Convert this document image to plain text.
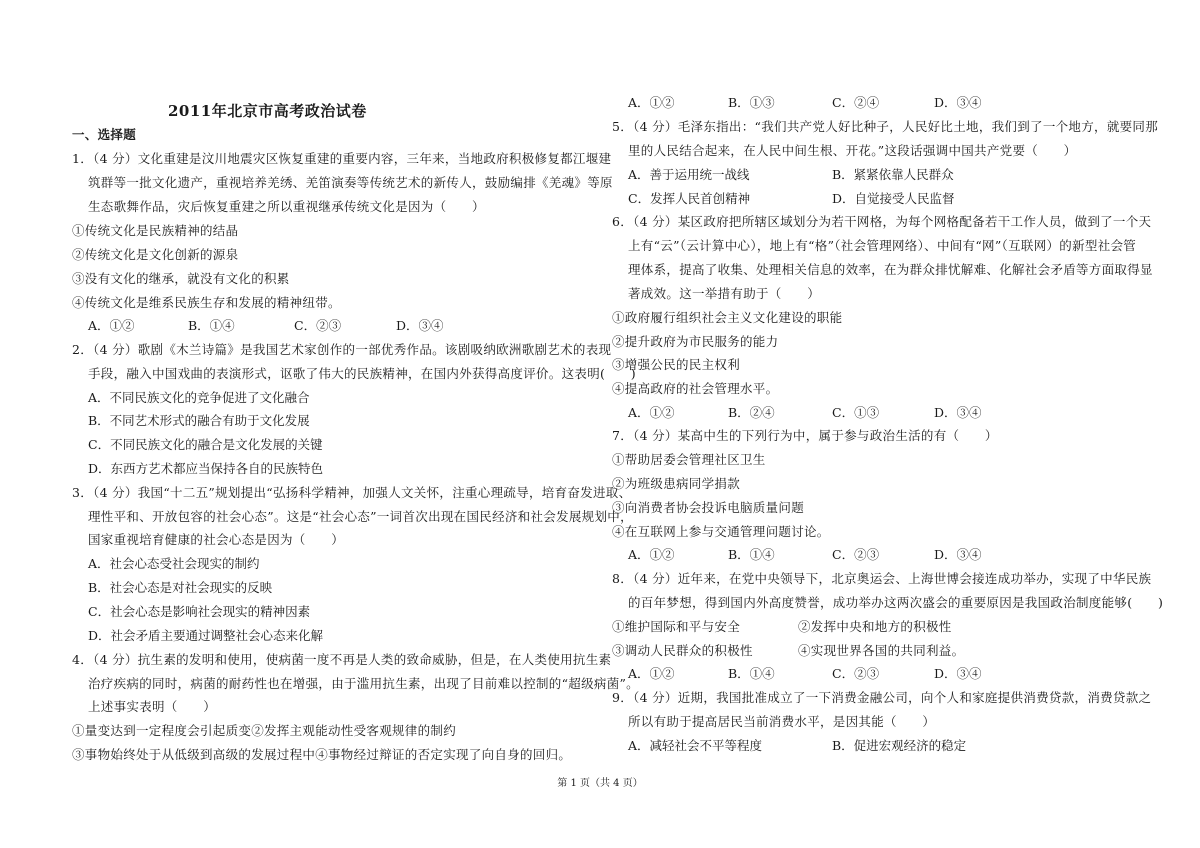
2011年北京市高考政治试卷
一、选择题
1．（4 分）文化重建是汶川地震灾区恢复重建的重要内容，三年来，当地政府积极修复都江堰建
筑群等一批文化遗产，重视培养羌绣、羌笛演奏等传统艺术的新传人，鼓励编排《羌魂》等原
生态歌舞作品，灾后恢复重建之所以重视继承传统文化是因为（　　）
①传统文化是民族精神的结晶
②传统文化是文化创新的源泉
③没有文化的继承，就没有文化的积累
④传统文化是维系民族生存和发展的精神纽带。
A．①②	B．①④	C．②③	D．③④
2．（4 分）歌剧《木兰诗篇》是我国艺术家创作的一部优秀作品。该剧吸纳欧洲歌剧艺术的表现
手段，融入中国戏曲的表演形式，讴歌了伟大的民族精神，在国内外获得高度评价。这表明(　　)
A．不同民族文化的竞争促进了文化融合
B．不同艺术形式的融合有助于文化发展
C．不同民族文化的融合是文化发展的关键
D．东西方艺术都应当保持各自的民族特色
3．（4 分）我国“十二五”规划提出“弘扬科学精神，加强人文关怀，注重心理疏导，培育奋发进取、
理性平和、开放包容的社会心态”。这是“社会心态”一词首次出现在国民经济和社会发展规划中，
国家重视培育健康的社会心态是因为（　　）
A．社会心态受社会现实的制约
B．社会心态是对社会现实的反映
C．社会心态是影响社会现实的精神因素
D．社会矛盾主要通过调整社会心态来化解
4．（4 分）抗生素的发明和使用，使病菌一度不再是人类的致命威胁，但是，在人类使用抗生素
治疗疾病的同时，病菌的耐药性也在增强，由于滥用抗生素，出现了目前难以控制的“超级病菌”。
上述事实表明（　　）
①量变达到一定程度会引起质变②发挥主观能动性受客观规律的制约
③事物始终处于从低级到高级的发展过程中④事物经过辩证的否定实现了向自身的回归。
A．①②	B．①③	C．②④	D．③④
5．（4 分）毛泽东指出：“我们共产党人好比种子，人民好比土地，我们到了一个地方，就要同那
里的人民结合起来，在人民中间生根、开花。”这段话强调中国共产党要（　　）
A．善于运用统一战线	B．紧紧依靠人民群众
C．发挥人民首创精神	D．自觉接受人民监督
6．（4 分）某区政府把所辖区域划分为若干网格，为每个网格配备若干工作人员，做到了一个天
上有“云”（云计算中心），地上有“格”（社会管理网络）、中间有“网”（互联网）的新型社会管
理体系，提高了收集、处理相关信息的效率，在为群众排忧解难、化解社会矛盾等方面取得显
著成效。这一举措有助于（　　）
①政府履行组织社会主义文化建设的职能
②提升政府为市民服务的能力
③增强公民的民主权利
④提高政府的社会管理水平。
A．①②	B．②④	C．①③	D．③④
7．（4 分）某高中生的下列行为中，属于参与政治生活的有（　　）
①帮助居委会管理社区卫生
②为班级患病同学捐款
③向消费者协会投诉电脑质量问题
④在互联网上参与交通管理问题讨论。
A．①②	B．①④	C．②③	D．③④
8．（4 分）近年来，在党中央领导下，北京奥运会、上海世博会接连成功举办，实现了中华民族
的百年梦想，得到国内外高度赞誉，成功举办这两次盛会的重要原因是我国政治制度能够(　　)
①维护国际和平与安全	②发挥中央和地方的积极性
③调动人民群众的积极性	④实现世界各国的共同利益。
A．①②	B．①④	C．②③	D．③④
9．（4 分）近期，我国批准成立了一下消费金融公司，向个人和家庭提供消费贷款，消费贷款之
所以有助于提高居民当前消费水平，是因其能（　　）
A．减轻社会不平等程度	B．促进宏观经济的稳定
第 1 页（共 4 页）
